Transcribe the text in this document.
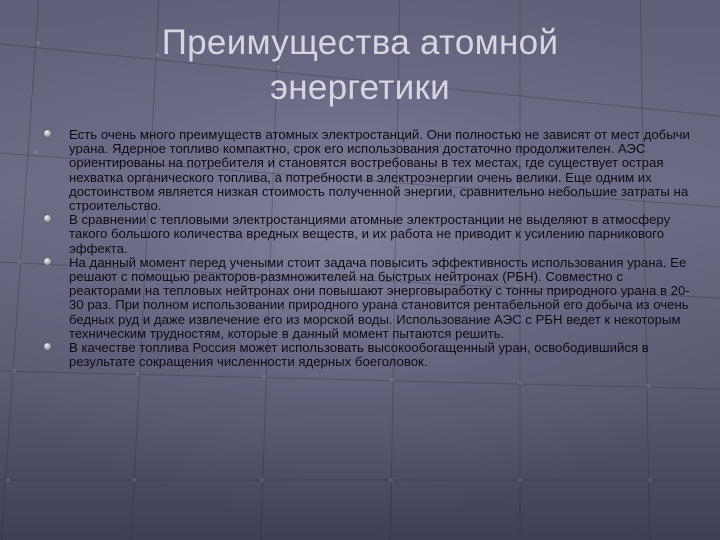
Преимущества атомной энергетики
Есть очень много преимуществ атомных электростанций. Они полностью не зависят от мест добычи урана. Ядерное топливо компактно, срок его использования достаточно продолжителен. АЭС ориентированы на потребителя и становятся востребованы в тех местах, где существует острая нехватка органического топлива, а потребности в электроэнергии очень велики. Еще одним их достоинством является низкая стоимость полученной энергии, сравнительно небольшие затраты на строительство.
В сравнении с тепловыми электростанциями атомные электростанции не выделяют в атмосферу такого большого количества вредных веществ, и их работа не приводит к усилению парникового эффекта.
На данный момент перед учеными стоит задача повысить эффективность использования урана. Ее решают с помощью реакторов-размножителей на быстрых нейтронах (РБН). Совместно с реакторами на тепловых нейтронах они повышают энерговыработку с тонны природного урана в 20-30 раз. При полном использовании природного урана становится рентабельной его добыча из очень бедных руд и даже извлечение его из морской воды. Использование АЭС с РБН ведет к некоторым техническим трудностям, которые в данный момент пытаются решить.
В качестве топлива Россия может использовать высокообогащенный уран, освободившийся в результате сокращения численности ядерных боеголовок.
